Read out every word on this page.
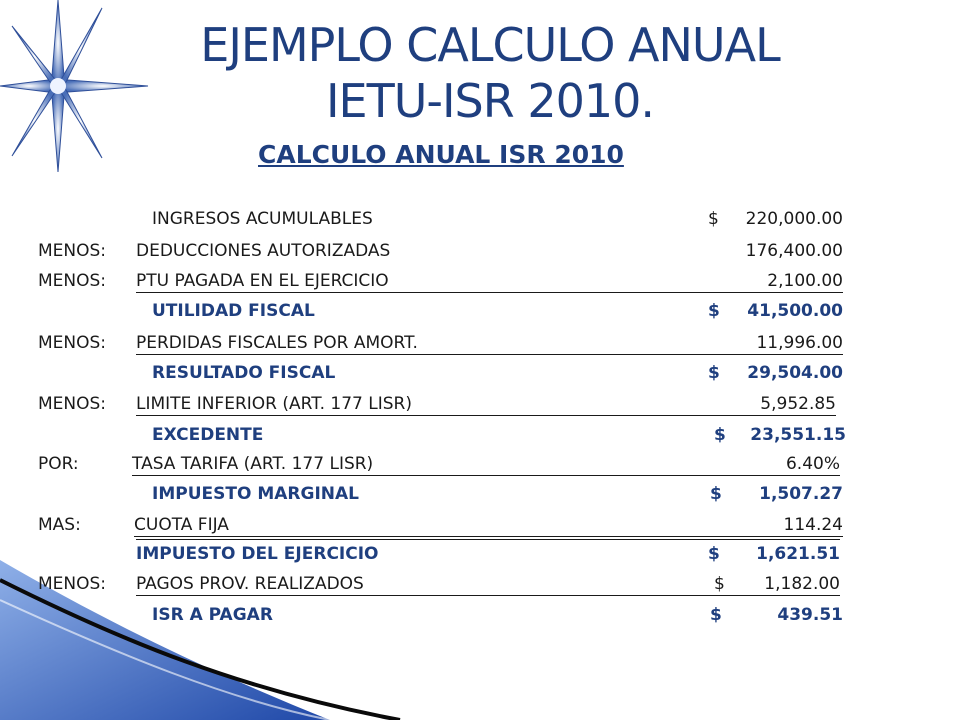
EJEMPLO CALCULO ANUAL
IETU-ISR 2010.
CALCULO ANUAL ISR 2010
INGRESOS ACUMULABLES	$ 220,000.00
MENOS: DEDUCCIONES AUTORIZADAS	176,400.00
MENOS: PTU PAGADA EN EL EJERCICIO	2,100.00
UTILIDAD FISCAL	$ 41,500.00
MENOS: PERDIDAS FISCALES POR AMORT.	11,996.00
RESULTADO FISCAL	$ 29,504.00
MENOS: LIMITE INFERIOR (ART. 177 LISR)	5,952.85
EXCEDENTE	$ 23,551.15
POR:	TASA TARIFA (ART. 177 LISR)	6.40%
IMPUESTO MARGINAL	$ 1,507.27
MAS:	CUOTA FIJA	114.24
IMPUESTO DEL EJERCICIO	$ 1,621.51
MENOS: PAGOS PROV. REALIZADOS	$ 1,182.00
ISR A PAGAR	$	439.51
